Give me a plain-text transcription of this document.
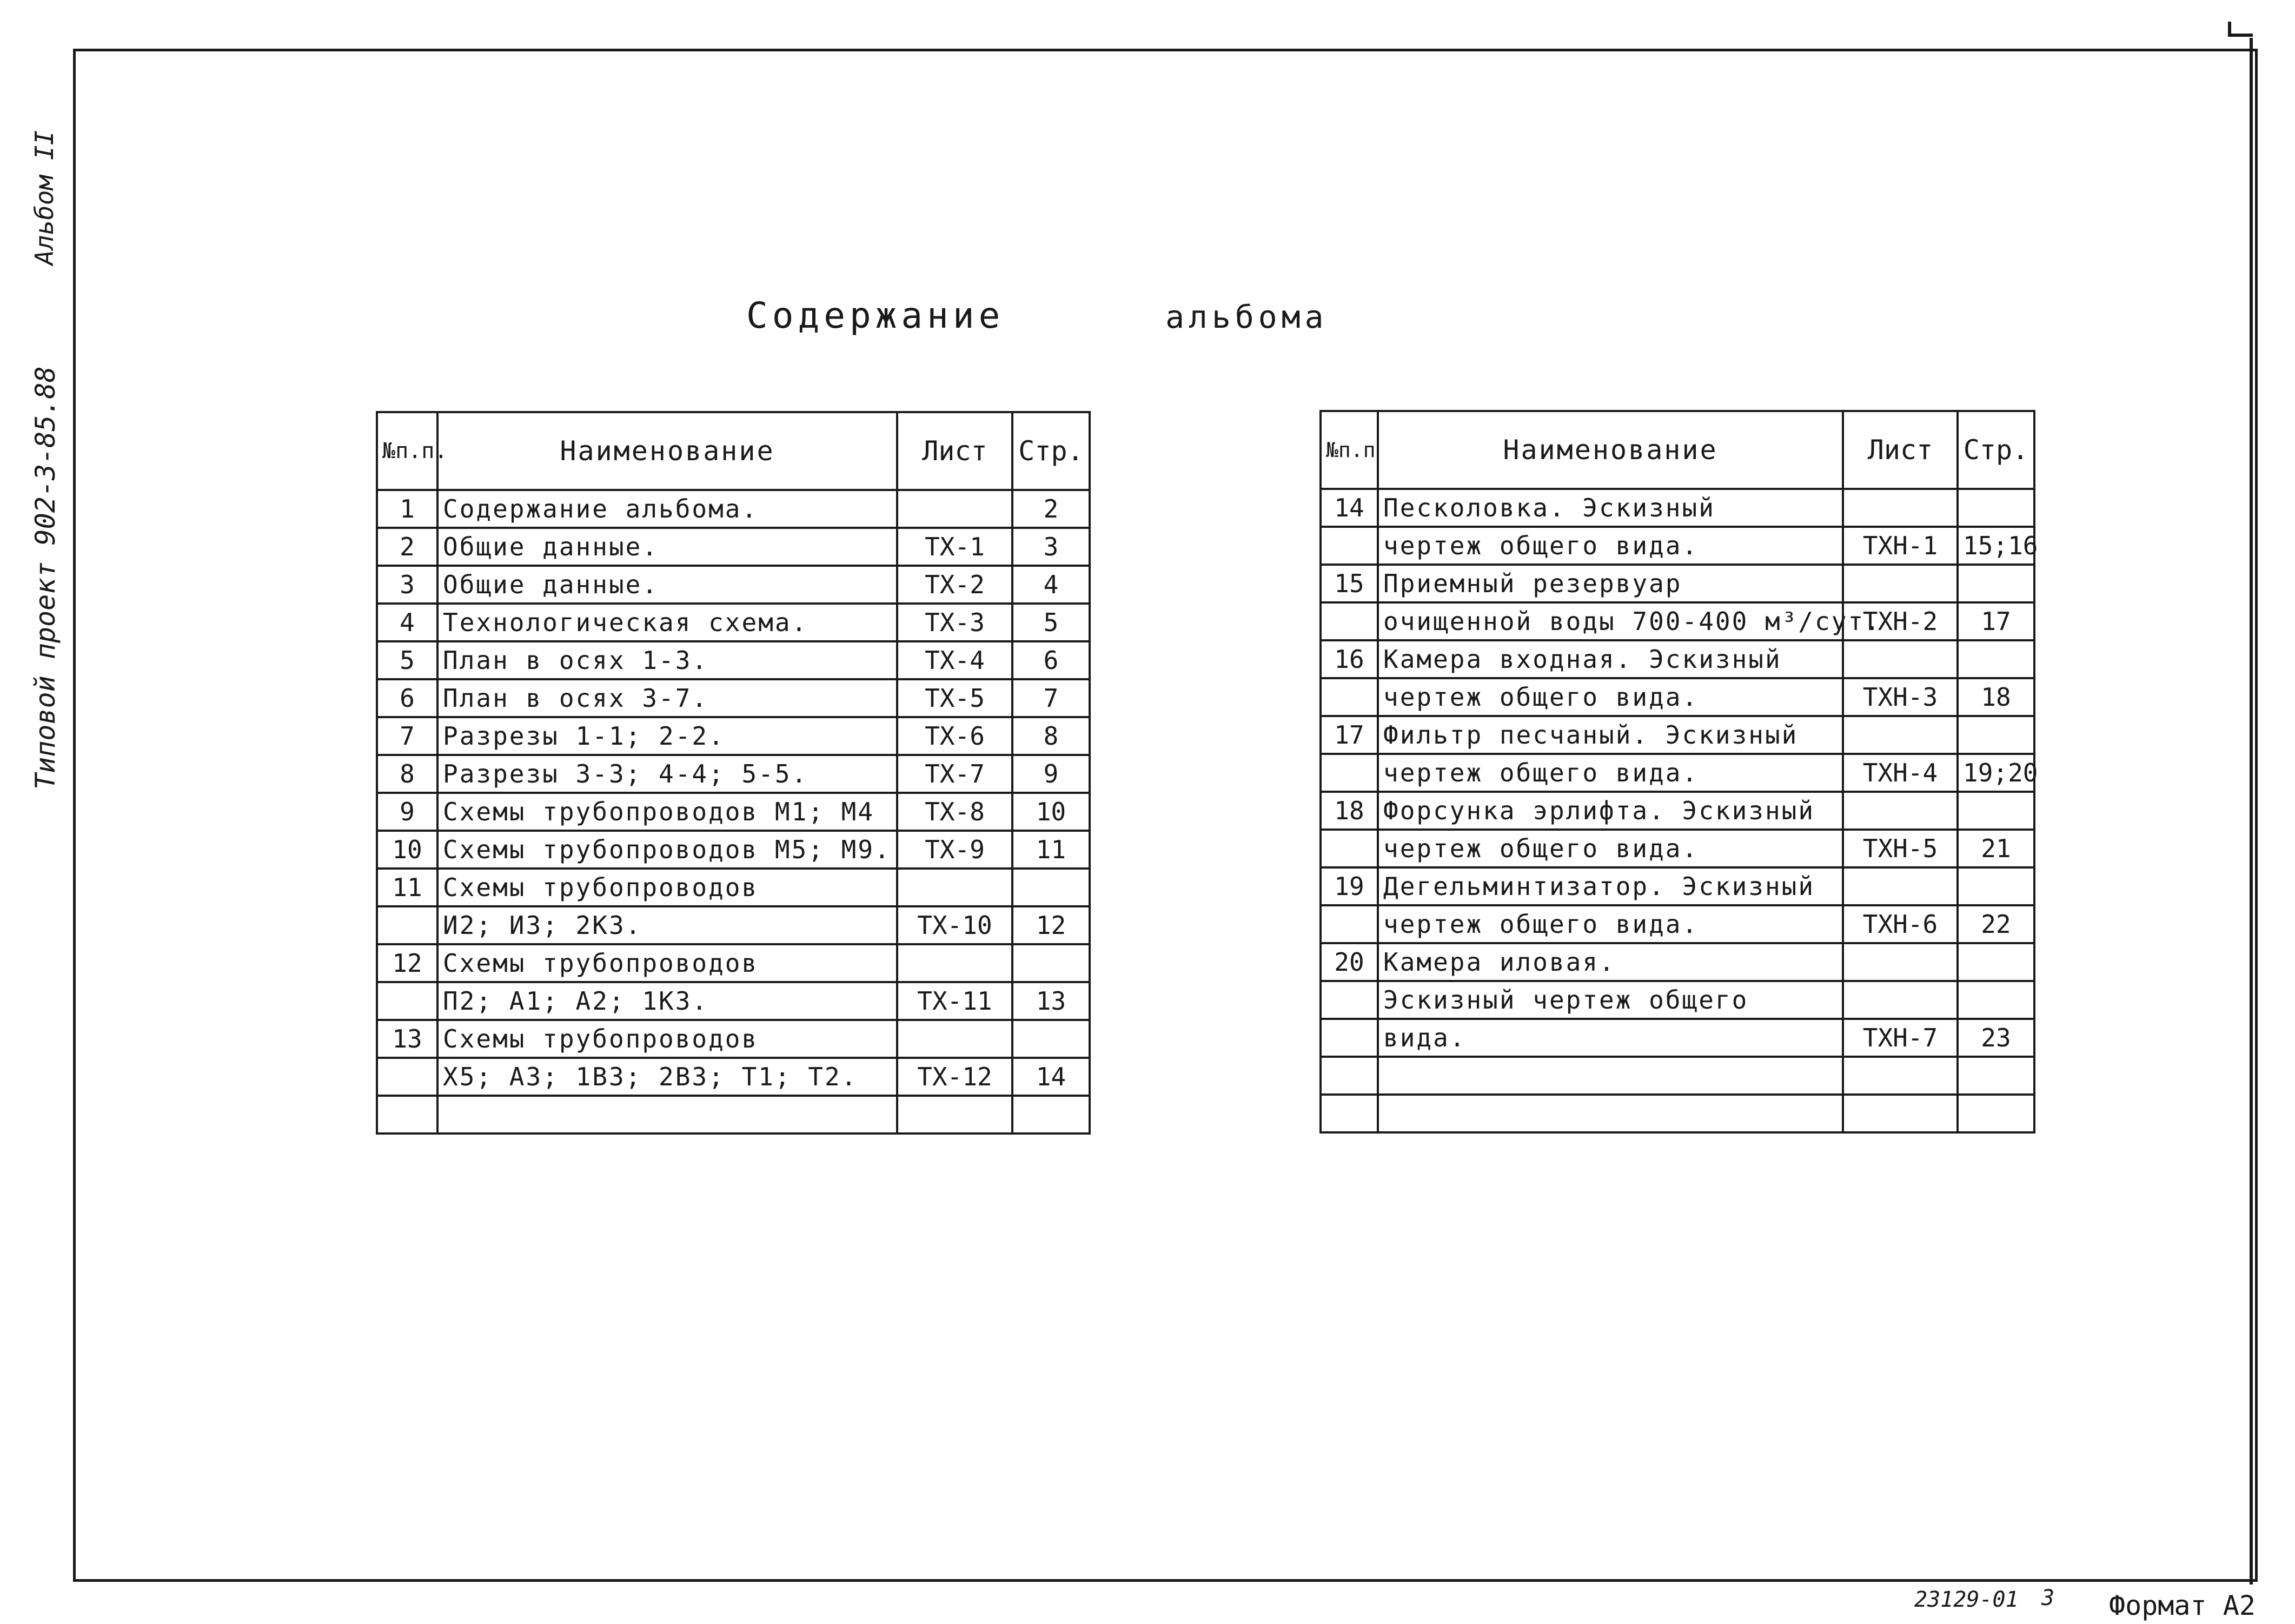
Альбом II
Типовой проект 902-3-85.88
Содержание	альбома
№п.п.	Наименование	Лист	Стр.
1	Содержание альбома.		2
2	Общие данные.	ТХ-1	3
3	Общие данные.	ТХ-2	4
4	Технологическая схема.	ТХ-3	5
5	План в осях 1-3.	ТХ-4	6
6	План в осях 3-7.	ТХ-5	7
7	Разрезы 1-1; 2-2.	ТХ-6	8
8	Разрезы 3-3; 4-4; 5-5.	ТХ-7	9
9	Схемы трубопроводов М1; М4	ТХ-8	10
10	Схемы трубопроводов М5; М9.	ТХ-9	11
11	Схемы трубопроводов		
	И2; И3; 2К3.	ТХ-10	12
12	Схемы трубопроводов		
	П2; А1; А2; 1К3.	ТХ-11	13
13	Схемы трубопроводов		
	Х5; А3; 1В3; 2В3; Т1; Т2.	ТХ-12	14

№п.п	Наименование	Лист	Стр.
14	Песколовка. Эскизный		
	чертеж общего вида.	ТХН-1	15;16
15	Приемный резервуар		
	очищенной воды 700-400 м³/сут.	ТХН-2	17
16	Камера входная. Эскизный		
	чертеж общего вида.	ТХН-3	18
17	Фильтр песчаный. Эскизный		
	чертеж общего вида.	ТХН-4	19;20
18	Форсунка эрлифта. Эскизный		
	чертеж общего вида.	ТХН-5	21
19	Дегельминтизатор. Эскизный		
	чертеж общего вида.	ТХН-6	22
20	Камера иловая.		
	Эскизный чертеж общего		
	вида.	ТХН-7	23

23129-01 3 Формат А2
